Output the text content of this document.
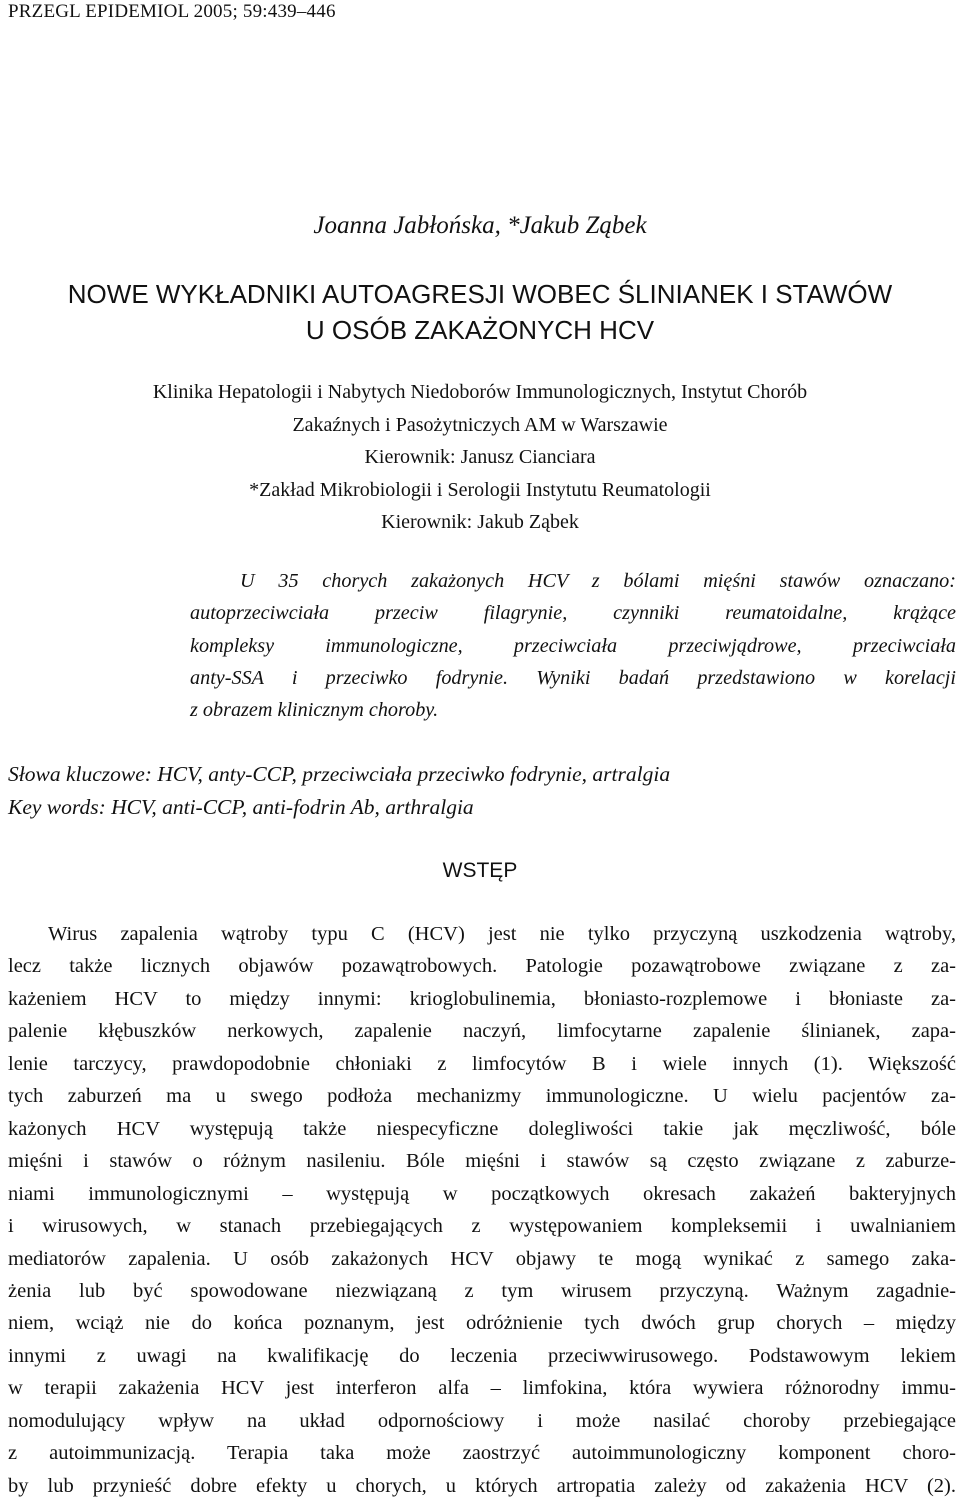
PRZEGL EPIDEMIOL 2005; 59:439–446
Joanna Jabłońska, *Jakub Ząbek
NOWE WYKŁADNIKI AUTOAGRESJI WOBEC ŚLINIANEK I STAWÓW
U OSÓB ZAKAŻONYCH HCV
Klinika Hepatologii i Nabytych Niedoborów Immunologicznych, Instytut Chorób
Zakaźnych i Pasożytniczych AM w Warszawie
Kierownik: Janusz Cianciara
*Zakład Mikrobiologii i Serologii Instytutu Reumatologii
Kierownik: Jakub Ząbek
U 35 chorych zakażonych HCV z bólami mięśni stawów oznaczano:
autoprzeciwciała przeciw filagrynie, czynniki reumatoidalne, krążące
kompleksy immunologiczne, przeciwciała przeciwjądrowe, przeciwciała
anty-SSA i przeciwko fodrynie. Wyniki badań przedstawiono w korelacji
z obrazem klinicznym choroby.
Słowa kluczowe: HCV, anty-CCP, przeciwciała przeciwko fodrynie, artralgia
Key words: HCV, anti-CCP, anti-fodrin Ab, arthralgia
WSTĘP
Wirus zapalenia wątroby typu C (HCV) jest nie tylko przyczyną uszkodzenia wątroby,
lecz także licznych objawów pozawątrobowych. Patologie pozawątrobowe związane z za-
każeniem HCV to między innymi: krioglobulinemia, błoniasto-rozplemowe i błoniaste za-
palenie kłębuszków nerkowych, zapalenie naczyń, limfocytarne zapalenie ślinianek, zapa-
lenie tarczycy, prawdopodobnie chłoniaki z limfocytów B i wiele innych (1). Większość
tych zaburzeń ma u swego podłoża mechanizmy immunologiczne. U wielu pacjentów za-
każonych HCV występują także niespecyficzne dolegliwości takie jak męczliwość, bóle
mięśni i stawów o różnym nasileniu. Bóle mięśni i stawów są często związane z zaburze-
niami immunologicznymi – występują w początkowych okresach zakażeń bakteryjnych
i wirusowych, w stanach przebiegających z występowaniem kompleksemii i uwalnianiem
mediatorów zapalenia. U osób zakażonych HCV objawy te mogą wynikać z samego zaka-
żenia lub być spowodowane niezwiązaną z tym wirusem przyczyną. Ważnym zagadnie-
niem, wciąż nie do końca poznanym, jest odróżnienie tych dwóch grup chorych – między
innymi z uwagi na kwalifikację do leczenia przeciwwirusowego. Podstawowym lekiem
w terapii zakażenia HCV jest interferon alfa – limfokina, która wywiera różnorodny immu-
nomodulujący wpływ na układ odpornościowy i może nasilać choroby przebiegające
z autoimmunizacją. Terapia taka może zaostrzyć autoimmunologiczny komponent choro-
by lub przynieść dobre efekty u chorych, u których artropatia zależy od zakażenia HCV (2).
